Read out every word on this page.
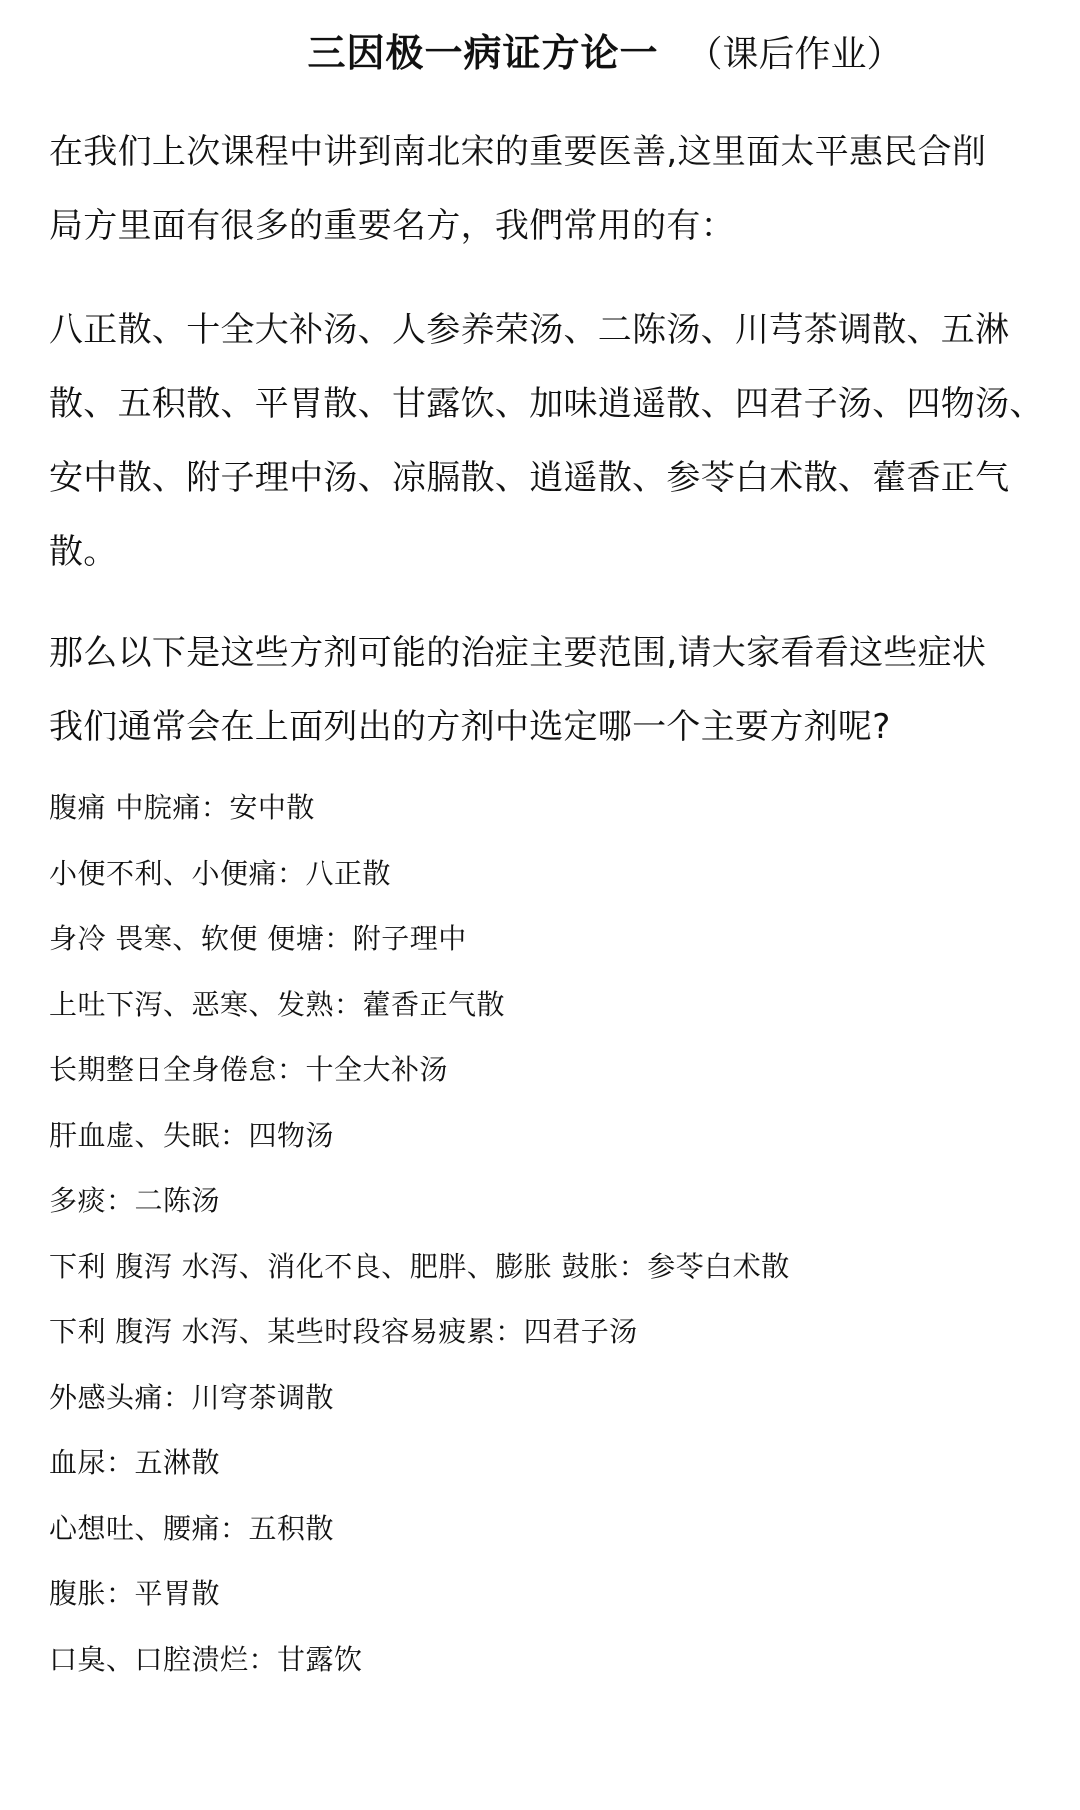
三因极一病证方论一 （课后作业）

在我们上次课程中讲到南北宋的重要医善,这里面太平惠民合削
局方里面有很多的重要名方，我們常用的有：

八正散、十全大补汤、人参养荣汤、二陈汤、川芎茶调散、五淋
散、五积散、平胃散、甘露饮、加味逍遥散、四君子汤、四物汤、
安中散、附子理中汤、凉膈散、逍遥散、参苓白术散、藿香正气
散。

那么以下是这些方剂可能的治症主要范围,请大家看看这些症状
我们通常会在上面列出的方剂中选定哪一个主要方剂呢?

腹痛 中脘痛：安中散
小便不利、小便痛：八正散
身冷 畏寒、软便 便塘：附子理中
上吐下泻、恶寒、发熟：藿香正气散
长期整日全身倦怠：十全大补汤
肝血虚、失眠：四物汤
多痰：二陈汤
下利 腹泻 水泻、消化不良、肥胖、膨胀 鼓胀：参苓白术散
下利 腹泻 水泻、某些时段容易疲累：四君子汤
外感头痛：川穹茶调散
血尿：五淋散
心想吐、腰痛：五积散
腹胀：平胃散
口臭、口腔溃烂：甘露饮
